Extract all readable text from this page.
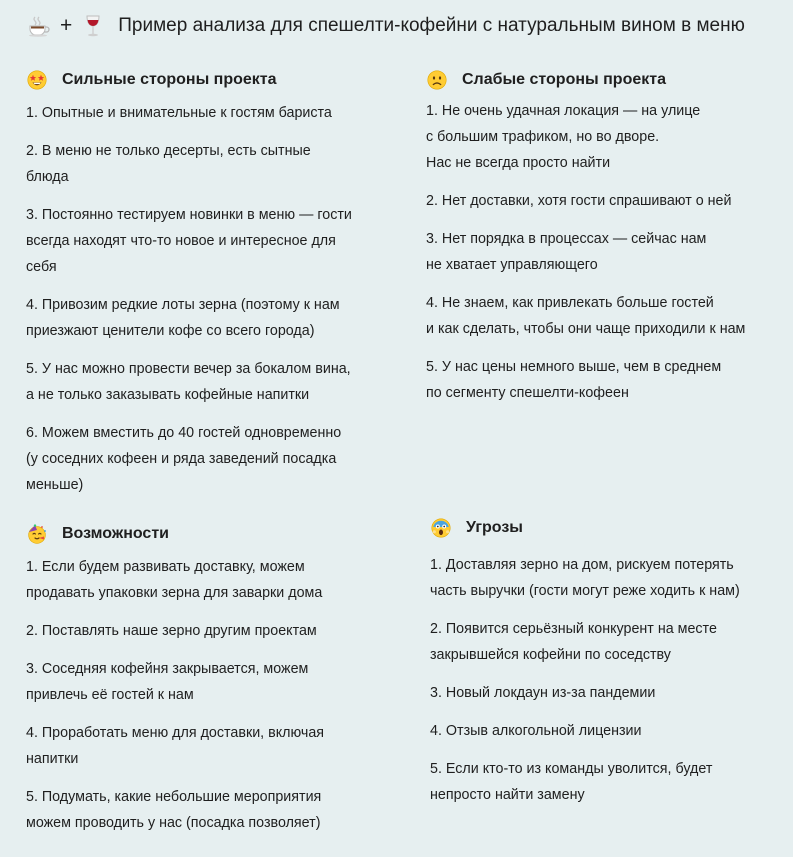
+ Пример анализа для спешелти-кофейни с натуральным вином в меню
Сильные стороны проекта
1. Опытные и внимательные к гостям бариста
2. В меню не только десерты, есть сытные
блюда
3. Постоянно тестируем новинки в меню — гости
всегда находят что-то новое и интересное для
себя
4. Привозим редкие лоты зерна (поэтому к нам
приезжают ценители кофе со всего города)
5. У нас можно провести вечер за бокалом вина,
а не только заказывать кофейные напитки
6. Можем вместить до 40 гостей одновременно
(у соседних кофеен и ряда заведений посадка
меньше)
Слабые стороны проекта
1. Не очень удачная локация — на улице
с большим трафиком, но во дворе.
Нас не всегда просто найти
2. Нет доставки, хотя гости спрашивают о ней
3. Нет порядка в процессах — сейчас нам
не хватает управляющего
4. Не знаем, как привлекать больше гостей
и как сделать, чтобы они чаще приходили к нам
5. У нас цены немного выше, чем в среднем
по сегменту спешелти-кофеен
Возможности
1. Если будем развивать доставку, можем
продавать упаковки зерна для заварки дома
2. Поставлять наше зерно другим проектам
3. Соседняя кофейня закрывается, можем
привлечь её гостей к нам
4. Проработать меню для доставки, включая
напитки
5. Подумать, какие небольшие мероприятия
можем проводить у нас (посадка позволяет)
Угрозы
1. Доставляя зерно на дом, рискуем потерять
часть выручки (гости могут реже ходить к нам)
2. Появится серьёзный конкурент на месте
закрывшейся кофейни по соседству
3. Новый локдаун из-за пандемии
4. Отзыв алкогольной лицензии
5. Если кто-то из команды уволится, будет
непросто найти замену
